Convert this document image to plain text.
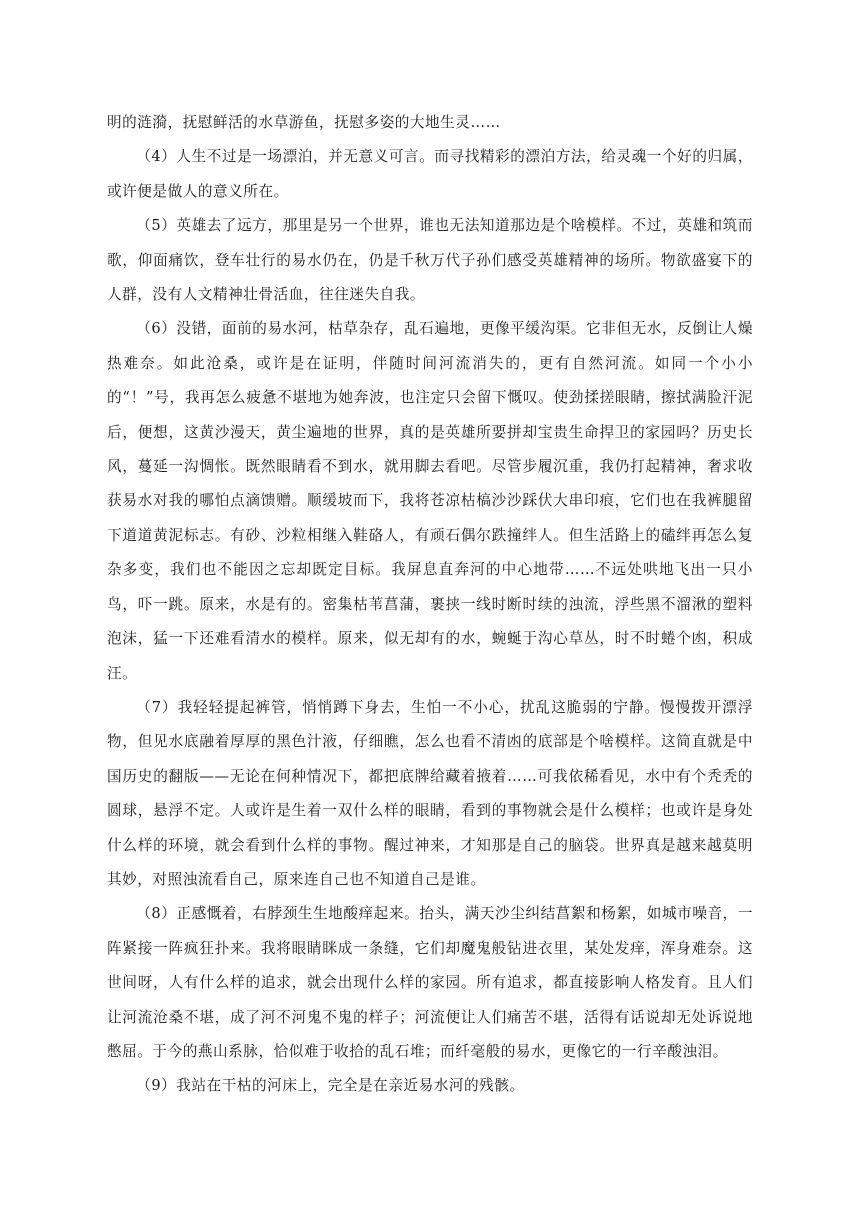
明的涟漪，抚慰鲜活的水草游鱼，抚慰多姿的大地生灵……

（4）人生不过是一场漂泊，并无意义可言。而寻找精彩的漂泊方法，给灵魂一个好的归属，或许便是做人的意义所在。

（5）英雄去了远方，那里是另一个世界，谁也无法知道那边是个啥模样。不过，英雄和筑而歌，仰面痛饮，登车壮行的易水仍在，仍是千秋万代子孙们感受英雄精神的场所。物欲盛宴下的人群，没有人文精神壮骨活血，往往迷失自我。

（6）没错，面前的易水河，枯草杂存，乱石遍地，更像平缓沟渠。它非但无水，反倒让人燥热难奈。如此沧桑，或许是在证明，伴随时间河流消失的，更有自然河流。如同一个小小的“！”号，我再怎么疲惫不堪地为她奔波，也注定只会留下慨叹。使劲揉搓眼睛，擦拭满脸汗泥后，便想，这黄沙漫天，黄尘遍地的世界，真的是英雄所要拼却宝贵生命捍卫的家园吗？历史长风，蔓延一沟惆怅。既然眼睛看不到水，就用脚去看吧。尽管步履沉重，我仍打起精神，奢求收获易水对我的哪怕点滴馈赠。顺缓坡而下，我将苍凉枯槁沙沙踩伏大串印痕，它们也在我裤腿留下道道黄泥标志。有砂、沙粒相继入鞋硌人，有顽石偶尔跌撞绊人。但生活路上的磕绊再怎么复杂多变，我们也不能因之忘却既定目标。我屏息直奔河的中心地带……不远处哄地飞出一只小鸟，吓一跳。原来，水是有的。密集枯苇菖蒲，裹挟一线时断时续的浊流，浮些黑不溜湫的塑料泡沫，猛一下还难看清水的模样。原来，似无却有的水，蜿蜒于沟心草丛，时不时蜷个凼，积成汪。

（7）我轻轻提起裤管，悄悄蹲下身去，生怕一不小心，扰乱这脆弱的宁静。慢慢拨开漂浮物，但见水底融着厚厚的黑色汁液，仔细瞧，怎么也看不清凼的底部是个啥模样。这简直就是中国历史的翻版——无论在何种情况下，都把底牌给藏着掖着……可我依稀看见，水中有个秃秃的圆球，悬浮不定。人或许是生着一双什么样的眼睛，看到的事物就会是什么模样；也或许是身处什么样的环境，就会看到什么样的事物。醒过神来，才知那是自己的脑袋。世界真是越来越莫明其妙，对照浊流看自己，原来连自己也不知道自己是谁。

（8）正感慨着，右脖颈生生地酸痒起来。抬头，满天沙尘纠结菖絮和杨絮，如城市噪音，一阵紧接一阵疯狂扑来。我将眼睛眯成一条缝，它们却魔鬼般钻进衣里，某处发痒，浑身难奈。这世间呀，人有什么样的追求，就会出现什么样的家园。所有追求，都直接影响人格发育。且人们让河流沧桑不堪，成了河不河鬼不鬼的样子；河流便让人们痛苦不堪，活得有话说却无处诉说地憋屈。于今的燕山系脉，恰似难于收拾的乱石堆；而纤毫般的易水，更像它的一行辛酸浊泪。

（9）我站在干枯的河床上，完全是在亲近易水河的残骸。
